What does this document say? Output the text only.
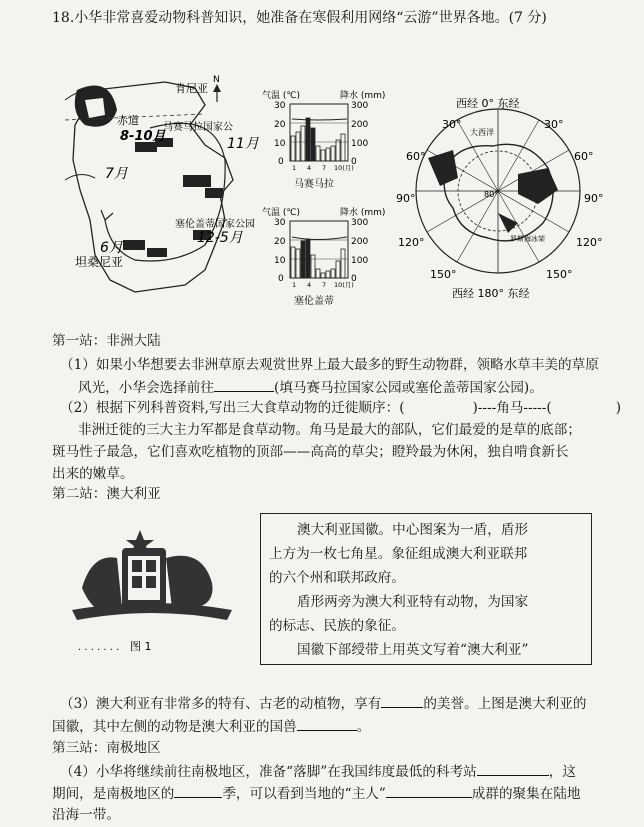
18.小华非常喜爱动物科普知识，她准备在寒假利用网络“云游”世界各地。(7 分)
N
肯尼亚
赤道
马赛马拉国家公
塞伦盖蒂国家公园
坦桑尼亚
8-10月	11月
7月
6月
12-5月
气温 (℃)	降水 (mm)
30
20
10
0
300
200
100
0
1 4 7 10(月)
马赛马拉
气温 (℃)	降水 (mm)
30
20
10
0
300
200
100
0
1 4 7 10(月)
塞伦盖蒂
大西洋
80°
罗斯海冰架
西经 0° 东经
西经 180° 东经
30°	30°
60°	60°
90°	90°
120°	120°
150°	150°
第一站：非洲大陆
（1）如果小华想要去非洲草原去观赏世界上最大最多的野生动物群，领略水草丰美的草原
风光，小华会选择前往	(填马赛马拉国家公园或塞伦盖蒂国家公园)。
（2）根据下列科普资料,写出三大食草动物的迁徙顺序：(	)----角马-----(	)
非洲迁徙的三大主力军都是食草动物。角马是最大的部队，它们最爱的是草的底部；
斑马性子最急，它们喜欢吃植物的顶部——高高的草尖；瞪羚最为休闲，独自啃食新长
出来的嫩草。
第二站：澳大利亚
. . . . . . . 图 1
澳大利亚国徽。中心图案为一盾，盾形
上方为一枚七角星。象征组成澳大利亚联邦
的六个州和联邦政府。
盾形两旁为澳大利亚特有动物，为国家
的标志、民族的象征。
国徽下部绶带上用英文写着“澳大利亚”
（3）澳大利亚有非常多的特有、古老的动植物，享有	的美誉。上图是澳大利亚的
国徽，其中左侧的动物是澳大利亚的国兽	。
第三站：南极地区
（4）小华将继续前往南极地区，准备“落脚”在我国纬度最低的科考站	，这
期间，是南极地区的	季，可以看到当地的“主人”	成群的聚集在陆地
沿海一带。
